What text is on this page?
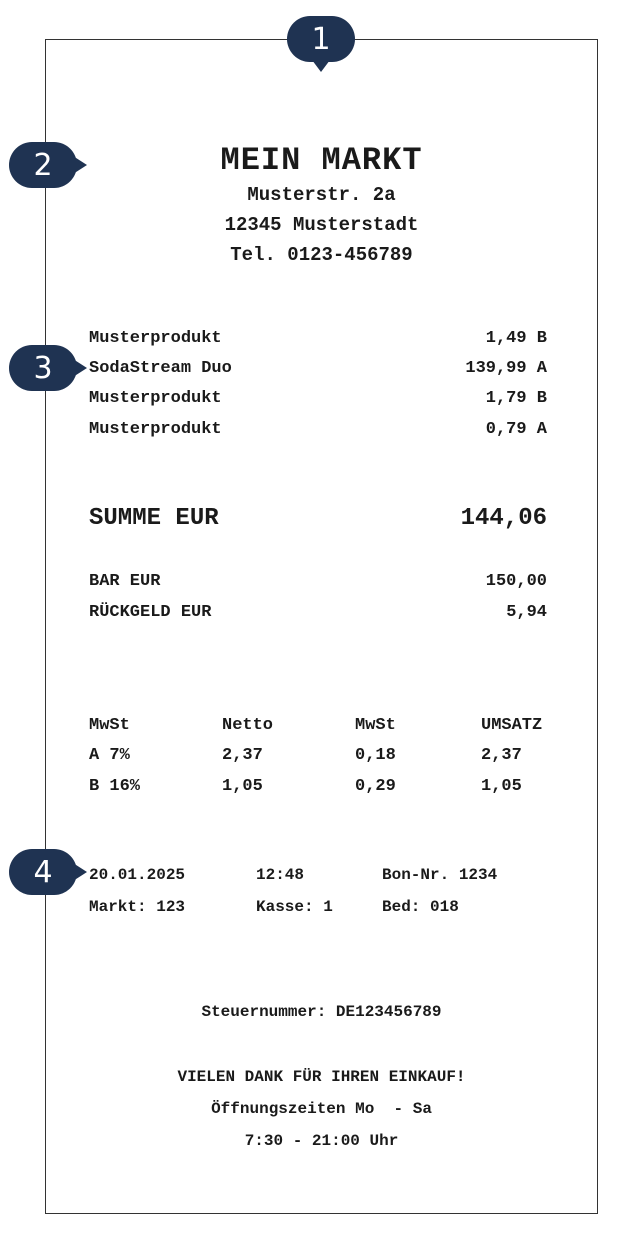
MEIN MARKT
Musterstr. 2a
12345 Musterstadt
Tel. 0123-456789
Musterprodukt	1,49 B
SodaStream Duo	139,99 A
Musterprodukt	1,79 B
Musterprodukt	0,79 A
SUMME EUR	144,06
BAR EUR	150,00
RÜCKGELD EUR	5,94
MwSt	Netto	MwSt	UMSATZ
A 7%	2,37	0,18	2,37
B 16%	1,05	0,29	1,05
20.01.2025	12:48	Bon-Nr. 1234
Markt: 123	Kasse: 1	Bed: 018
Steuernummer: DE123456789
VIELEN DANK FÜR IHREN EINKAUF!
Öffnungszeiten Mo  - Sa
7:30 - 21:00 Uhr
1
2
3
4
